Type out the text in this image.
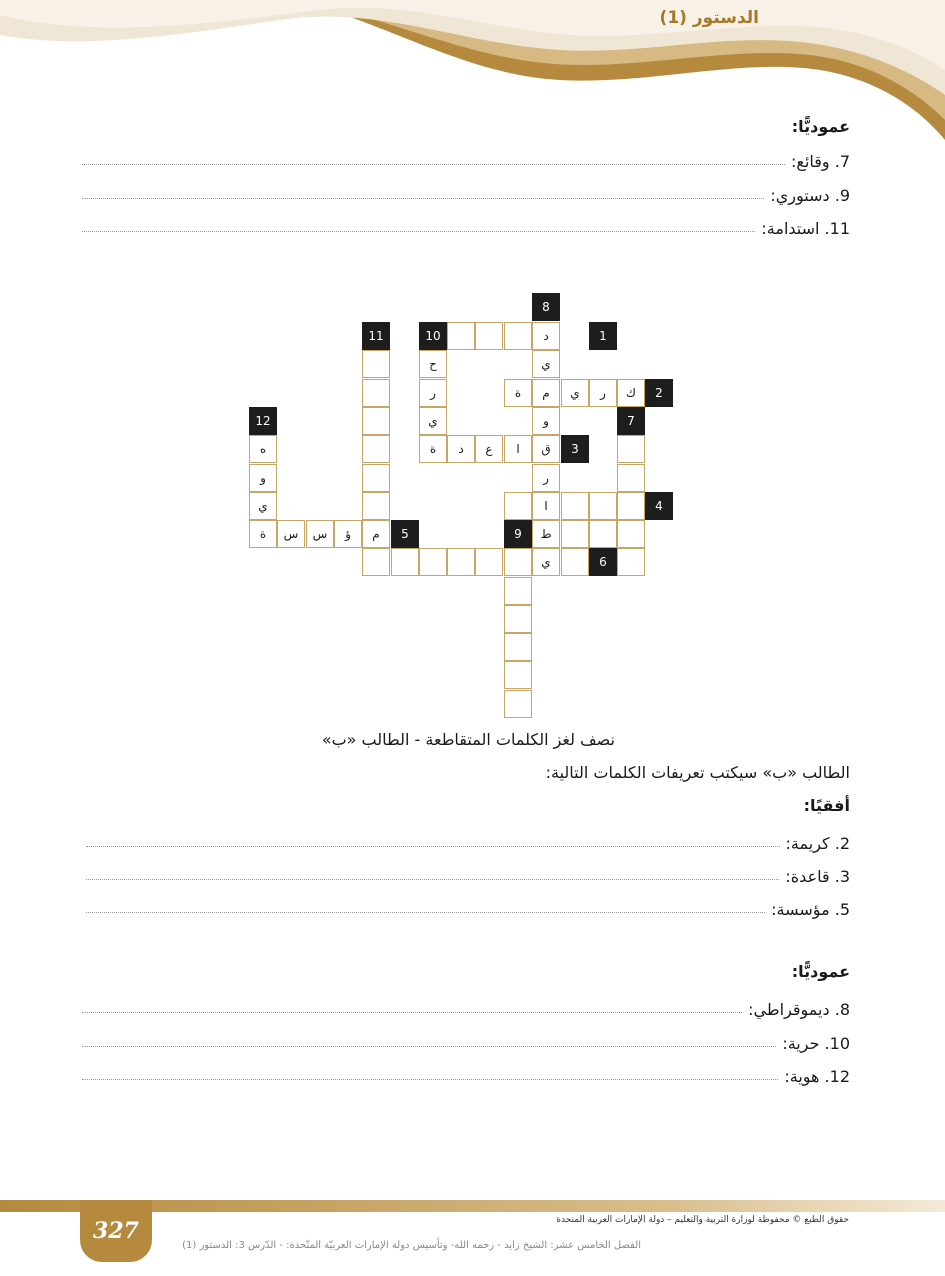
الدستور (1)
عموديًّا:
7. وقائع:
9. دستوري:
11. استدامة:
8
10	1
11
2
12	7
3
4
5	9
6
د
ي
م
و
ق
ر
ا
ط
ي
ح
ر
ي
ة
م
ك
ر
ي
ة
ا
ع
د
ه
و
ي
ة	ؤ
س
س
نصف لغز الكلمات المتقاطعة - الطالب «ب»
الطالب «ب» سيكتب تعريفات الكلمات التالية:
أفقيًا:
2. كريمة:
3. قاعدة:
5. مؤسسة:
عموديًّا:
8. ديموقراطي:
10. حرية:
12. هوية:
327	حقوق الطبع © محفوظة لوزارة التربية والتعليم – دولة الإمارات العربية المتحدة
الفصل الخامس عشر: الشيخ زايد - رحمه الله- وتأسيس دولة الإمارات العربيّة المتّحدة: - الدّرس 3: الدستور (1)
